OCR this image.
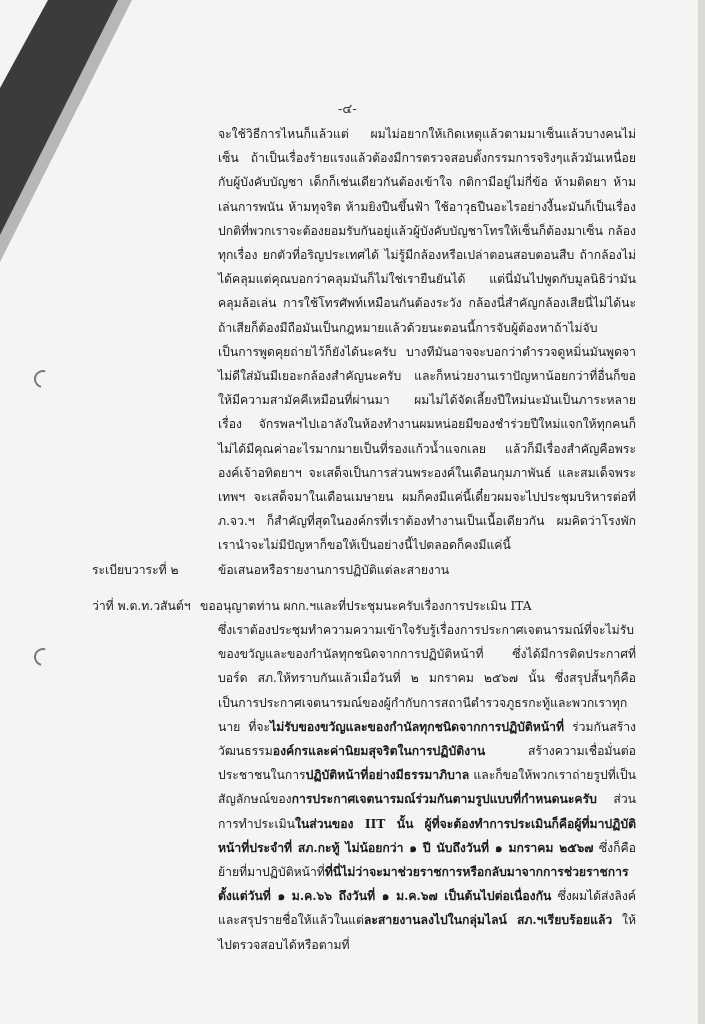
-๔-

จะใช้วิธีการไหนก็แล้วแต่ ผมไม่อยากให้เกิดเหตุแล้วตามมาเซ็นแล้วบางคนไม่เซ็น ถ้าเป็นเรื่องร้ายแรงแล้วต้องมีการตรวจสอบตั้งกรรมการจริงๆแล้วมันเหนื่อยกับผู้บังคับบัญชา เด็กก็เช่นเดียวกันต้องเข้าใจ กติกามีอยู่ไม่กี่ข้อ ห้ามติดยา ห้ามเล่นการพนัน ห้ามทุจริต ห้ามยิงปืนขึ้นฟ้า ใช้อาวุธปืนอะไรอย่างงี้นะมันก็เป็นเรื่องปกติที่พวกเราจะต้องยอมรับกันอยู่แล้วผู้บังคับบัญชาโทรให้เซ็นก็ต้องมาเซ็น กล้องทุกเรื่อง ยกตัวที่อริญประเทศได้ ไม่รู้มีกล้องหรือเปล่าตอนสอบตอนสืบ ถ้ากล้องไม่ได้คลุมแต่คุณบอกว่าคลุมมันก็ไม่ใช่เรายืนยันได้ แต่นี่มันไปพูดกับมูลนิธิว่ามันคลุมล้อเล่น การใช้โทรศัพท์เหมือนกันต้องระวัง กล้องนี่สำคัญกล้องเสียนี่ไม่ได้นะ ถ้าเสียก็ต้องมีถือมันเป็นกฎหมายแล้วด้วยนะตอนนี้การจับผู้ต้องหาถ้าไม่จับเป็นการพูดคุยถ่ายไว้ก็ยังได้นะครับ บางทีมันอาจจะบอกว่าตำรวจดูหมิ่นมันพูดจาไม่ดีใส่มันมีเยอะกล้องสำคัญนะครับ และก็หน่วยงานเราปัญหาน้อยกว่าที่อื่นก็ขอให้มีความสามัคคีเหมือนที่ผ่านมา ผมไม่ได้จัดเลี้ยงปีใหม่นะมันเป็นภาระหลายเรื่อง จักรพลฯไปเอาลังในห้องทำงานผมหน่อยมีของชำร่วยปีใหม่แจกให้ทุกคนก็ไม่ได้มีคุณค่าอะไรมากมายเป็นที่รองแก้วน้ำแจกเลย แล้วก็มีเรื่องสำคัญคือพระองค์เจ้าอทิตยาฯ จะเสด็จเป็นการส่วนพระองค์ในเดือนกุมภาพันธ์ และสมเด็จพระเทพฯ จะเสด็จมาในเดือนเมษายน ผมก็คงมีแค่นี้เดี๋ยวผมจะไปประชุมบริหารต่อที่ ภ.จว.ฯ ก็สำคัญที่สุดในองค์กรที่เราต้องทำงานเป็นเนื้อเดียวกัน ผมคิดว่าโรงพักเรานำจะไม่มีปัญหาก็ขอให้เป็นอย่างนี้ไปตลอดก็คงมีแค่นี้

ระเบียบวาระที่ ๒	ข้อเสนอหรือรายงานการปฏิบัติแต่ละสายงาน
ว่าที่ พ.ต.ท.วสันต์ฯ ขออนุญาตท่าน ผกก.ฯและที่ประชุมนะครับเรื่องการประเมิน ITA
ซึ่งเราต้องประชุมทำความความเข้าใจรับรู้เรื่องการประกาศเจตนารมณ์ที่จะไม่รับของขวัญและของกำนัลทุกชนิดจากการปฏิบัติหน้าที่ ซึ่งได้มีการติดประกาศที่บอร์ด สภ.ให้ทราบกันแล้วเมื่อวันที่ ๒ มกราคม ๒๕๖๗ นั้น ซึ่งสรุปสั้นๆก็คือเป็นการประกาศเจตนารมณ์ของผู้กำกับการสถานีตำรวจภูธรกะทู้และพวกเราทุกนาย ที่จะไม่รับของขวัญและของกำนัลทุกชนิดจากการปฏิบัติหน้าที่ ร่วมกันสร้างวัฒนธรรมองค์กรและค่านิยมสุจริตในการปฏิบัติงาน สร้างความเชื่อมั่นต่อประชาชนในการปฏิบัติหน้าที่อย่างมีธรรมาภิบาล และก็ขอให้พวกเราถ่ายรูปที่เป็นสัญลักษณ์ของการประกาศเจตนารมณ์ร่วมกันตามรูปแบบที่กำหนดนะครับ ส่วนการทำประเมินในส่วนของ IIT นั้น ผู้ที่จะต้องทำการประเมินก็คือผู้ที่มาปฏิบัติหน้าที่ประจำที่ สภ.กะทู้ ไม่น้อยกว่า ๑ ปี นับถึงวันที่ ๑ มกราคม ๒๕๖๗ ซึ่งก็คือย้ายที่มาปฏิบัติหน้าที่ที่นี่ไม่ว่าจะมาช่วยราชการหรือกลับมาจากการช่วยราชการตั้งแต่วันที่ ๑ ม.ค.๖๖ ถึงวันที่ ๑ ม.ค.๖๗ เป็นต้นไปต่อเนื่องกัน ซึ่งผมได้ส่งลิงค์และสรุปรายชื่อให้แล้วในแต่ละสายงานลงไปในกลุ่มไลน์ สภ.ฯเรียบร้อยแล้ว ให้ไปตรวจสอบได้หรือตามที่
